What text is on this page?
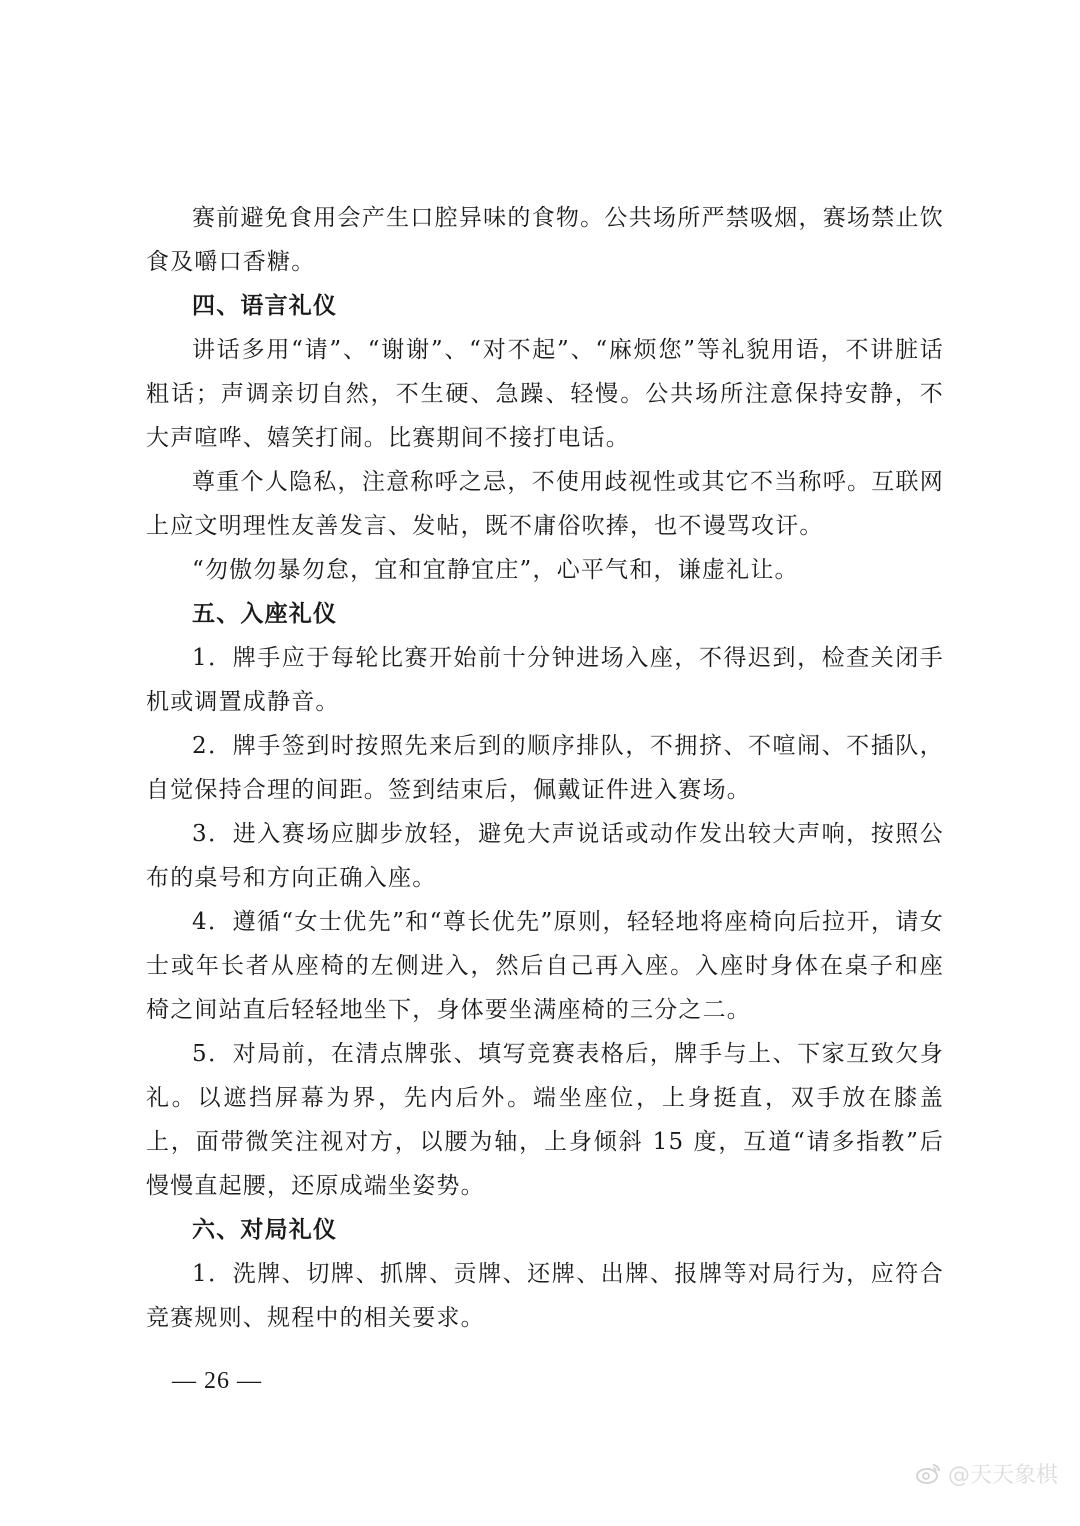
赛前避免食用会产生口腔异味的食物。公共场所严禁吸烟，赛场禁止饮食及嚼口香糖。

四、语言礼仪

讲话多用“请”、“谢谢”、“对不起”、“麻烦您”等礼貌用语，不讲脏话粗话；声调亲切自然，不生硬、急躁、轻慢。公共场所注意保持安静，不大声喧哗、嬉笑打闹。比赛期间不接打电话。

尊重个人隐私，注意称呼之忌，不使用歧视性或其它不当称呼。互联网上应文明理性友善发言、发帖，既不庸俗吹捧，也不谩骂攻讦。

“勿傲勿暴勿怠，宜和宜静宜庄”，心平气和，谦虚礼让。

五、入座礼仪

1．牌手应于每轮比赛开始前十分钟进场入座，不得迟到，检查关闭手机或调置成静音。

2．牌手签到时按照先来后到的顺序排队，不拥挤、不喧闹、不插队，自觉保持合理的间距。签到结束后，佩戴证件进入赛场。

3．进入赛场应脚步放轻，避免大声说话或动作发出较大声响，按照公布的桌号和方向正确入座。

4．遵循“女士优先”和“尊长优先”原则，轻轻地将座椅向后拉开，请女士或年长者从座椅的左侧进入，然后自己再入座。入座时身体在桌子和座椅之间站直后轻轻地坐下，身体要坐满座椅的三分之二。

5．对局前，在清点牌张、填写竞赛表格后，牌手与上、下家互致欠身礼。以遮挡屏幕为界，先内后外。端坐座位，上身挺直，双手放在膝盖上，面带微笑注视对方，以腰为轴，上身倾斜 15 度，互道“请多指教”后慢慢直起腰，还原成端坐姿势。

六、对局礼仪

1．洗牌、切牌、抓牌、贡牌、还牌、出牌、报牌等对局行为，应符合竞赛规则、规程中的相关要求。

— 26 —
@天天象棋
